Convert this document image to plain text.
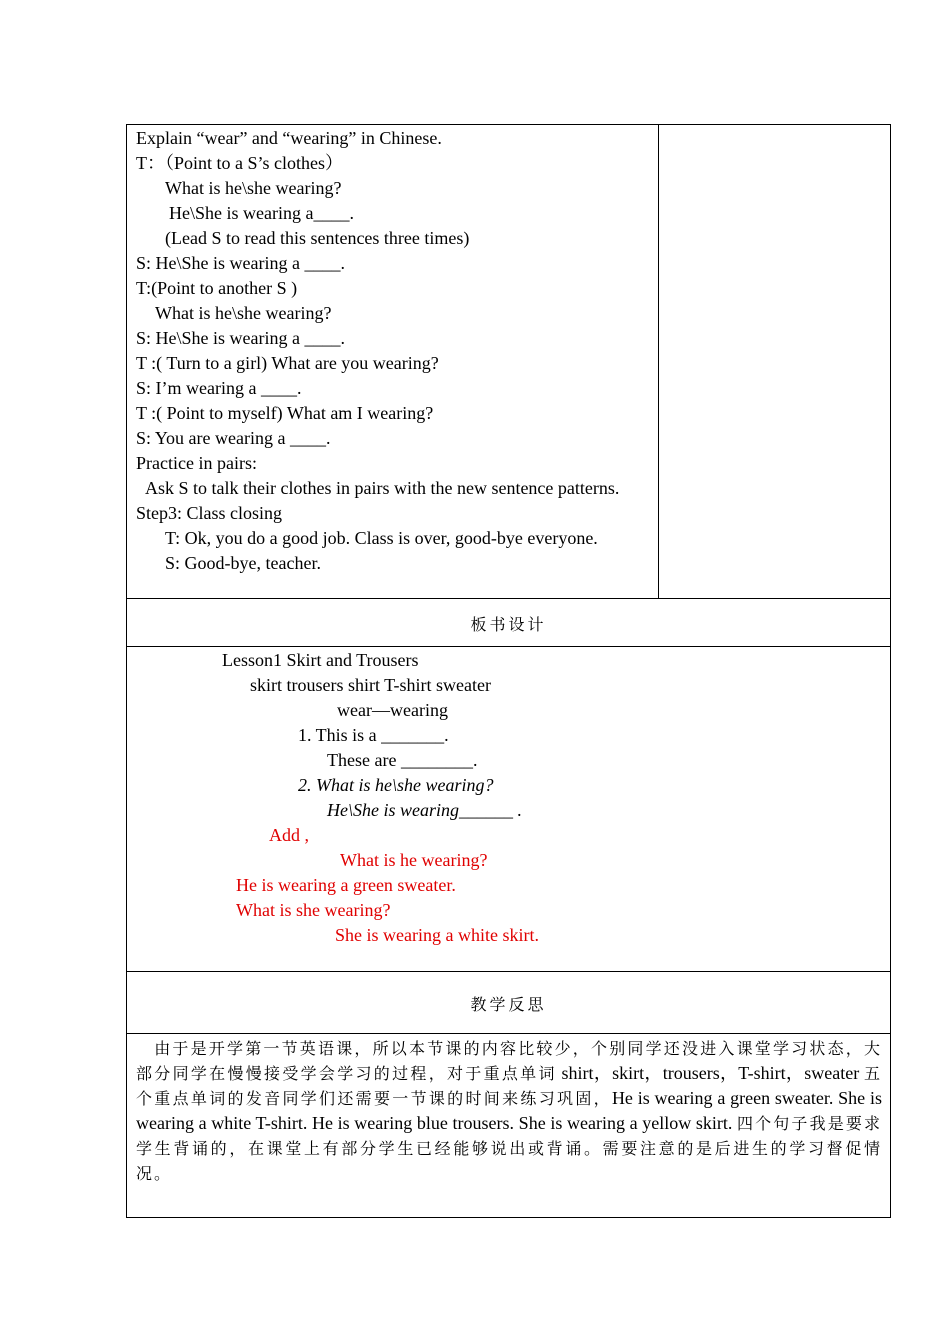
Explain “wear” and “wearing” in Chinese.
T：（Point to a S’s clothes）
What is he\she wearing?
He\She is wearing a____.
(Lead S to read this sentences three times)
S: He\She is wearing a ____.
T:(Point to another S )
What is he\she wearing?
S: He\She is wearing a ____.
T :( Turn to a girl) What are you wearing?
S: I’m wearing a ____.
T :( Point to myself) What am I wearing?
S: You are wearing a ____.
Practice in pairs:
Ask S to talk their clothes in pairs with the new sentence patterns.
Step3: Class closing
T: Ok, you do a good job. Class is over, good-bye everyone.
S: Good-bye, teacher.
板书设计
Lesson1 Skirt and Trousers
skirt trousers shirt T-shirt sweater
wear—wearing
1. This is a _______.
These are ________.
2. What is he\she wearing?
He\She is wearing______ .
Add ,
What is he wearing?
He is wearing a green sweater.
What is she wearing?
She is wearing a white skirt.
教学反思
　由于是开学第一节英语课，所以本节课的内容比较少，个别同学还没进入课堂学习状态，大部分同学在慢慢接受学会学习的过程，对于重点单词 shirt，skirt，trousers，T-shirt，sweater 五个重点单词的发音同学们还需要一节课的时间来练习巩固，He is wearing a green sweater. She is wearing a white T-shirt. He is wearing blue trousers. She is wearing a yellow skirt. 四个句子我是要求学生背诵的，在课堂上有部分学生已经能够说出或背诵。需要注意的是后进生的学习督促情况。
